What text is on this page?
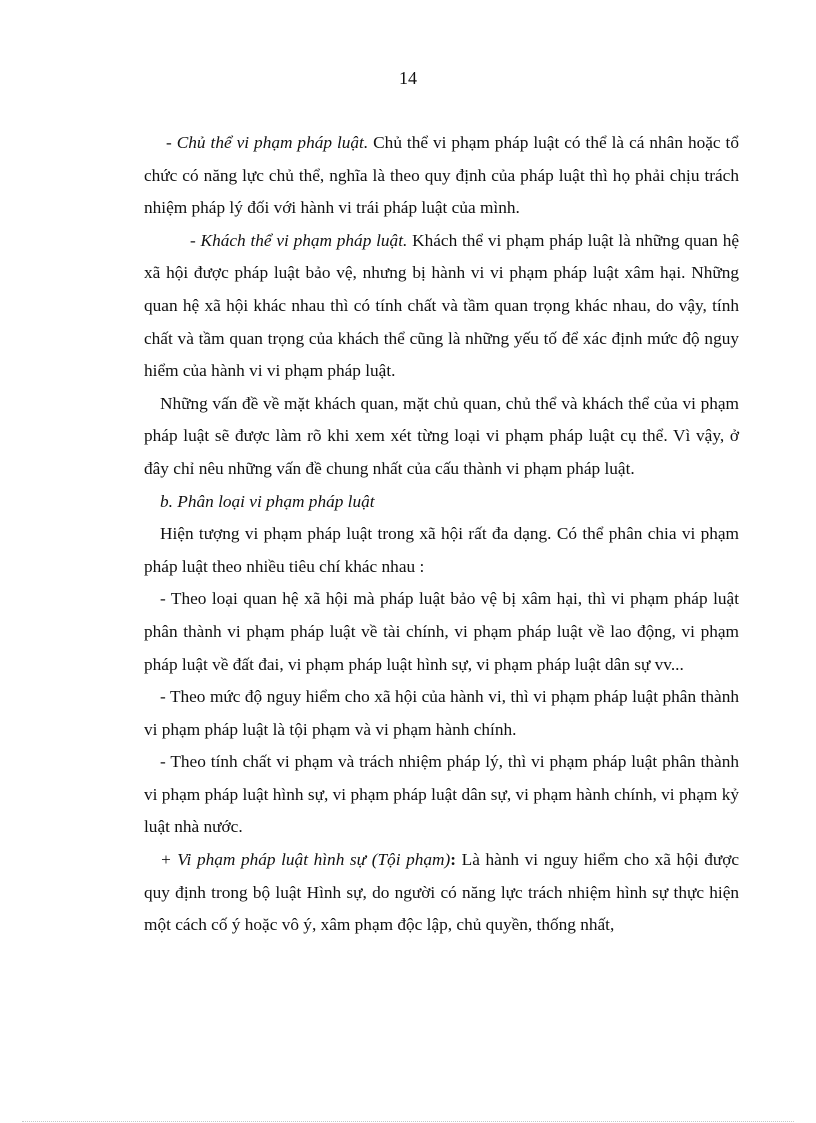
14

- Chủ thể vi phạm pháp luật. Chủ thể vi phạm pháp luật có thể là cá nhân hoặc tổ chức có năng lực chủ thể, nghĩa là theo quy định của pháp luật thì họ phải chịu trách nhiệm pháp lý đối với hành vi trái pháp luật của mình.

- Khách thể vi phạm pháp luật. Khách thể vi phạm pháp luật là những quan hệ xã hội được pháp luật bảo vệ, nhưng bị hành vi vi phạm pháp luật xâm hại. Những quan hệ xã hội khác nhau thì có tính chất và tầm quan trọng khác nhau, do vậy, tính chất và tầm quan trọng của khách thể cũng là những yếu tố để xác định mức độ nguy hiểm của hành vi vi phạm pháp luật.

Những vấn đề về mặt khách quan, mặt chủ quan, chủ thể và khách thể của vi phạm pháp luật sẽ được làm rõ khi xem xét từng loại vi phạm pháp luật cụ thể. Vì vậy, ở đây chỉ nêu những vấn đề chung nhất của cấu thành vi phạm pháp luật.

b. Phân loại vi phạm pháp luật

Hiện tượng vi phạm pháp luật trong xã hội rất đa dạng. Có thể phân chia vi phạm pháp luật theo nhiều tiêu chí khác nhau :

- Theo loại quan hệ xã hội mà pháp luật bảo vệ bị xâm hại, thì vi phạm pháp luật phân thành vi phạm pháp luật về tài chính, vi phạm pháp luật về lao động, vi phạm pháp luật về đất đai, vi phạm pháp luật hình sự, vi phạm pháp luật dân sự vv...

- Theo mức độ nguy hiểm cho xã hội của hành vi, thì vi phạm pháp luật phân thành vi phạm pháp luật là tội phạm và vi phạm hành chính.

- Theo tính chất vi phạm và trách nhiệm pháp lý, thì vi phạm pháp luật phân thành vi phạm pháp luật hình sự, vi phạm pháp luật dân sự, vi phạm hành chính, vi phạm kỷ luật nhà nước.

+ Vi phạm pháp luật hình sự (Tội phạm): Là hành vi nguy hiểm cho xã hội được quy định trong bộ luật Hình sự, do người có năng lực trách nhiệm hình sự thực hiện một cách cố ý hoặc vô ý, xâm phạm độc lập, chủ quyền, thống nhất,
